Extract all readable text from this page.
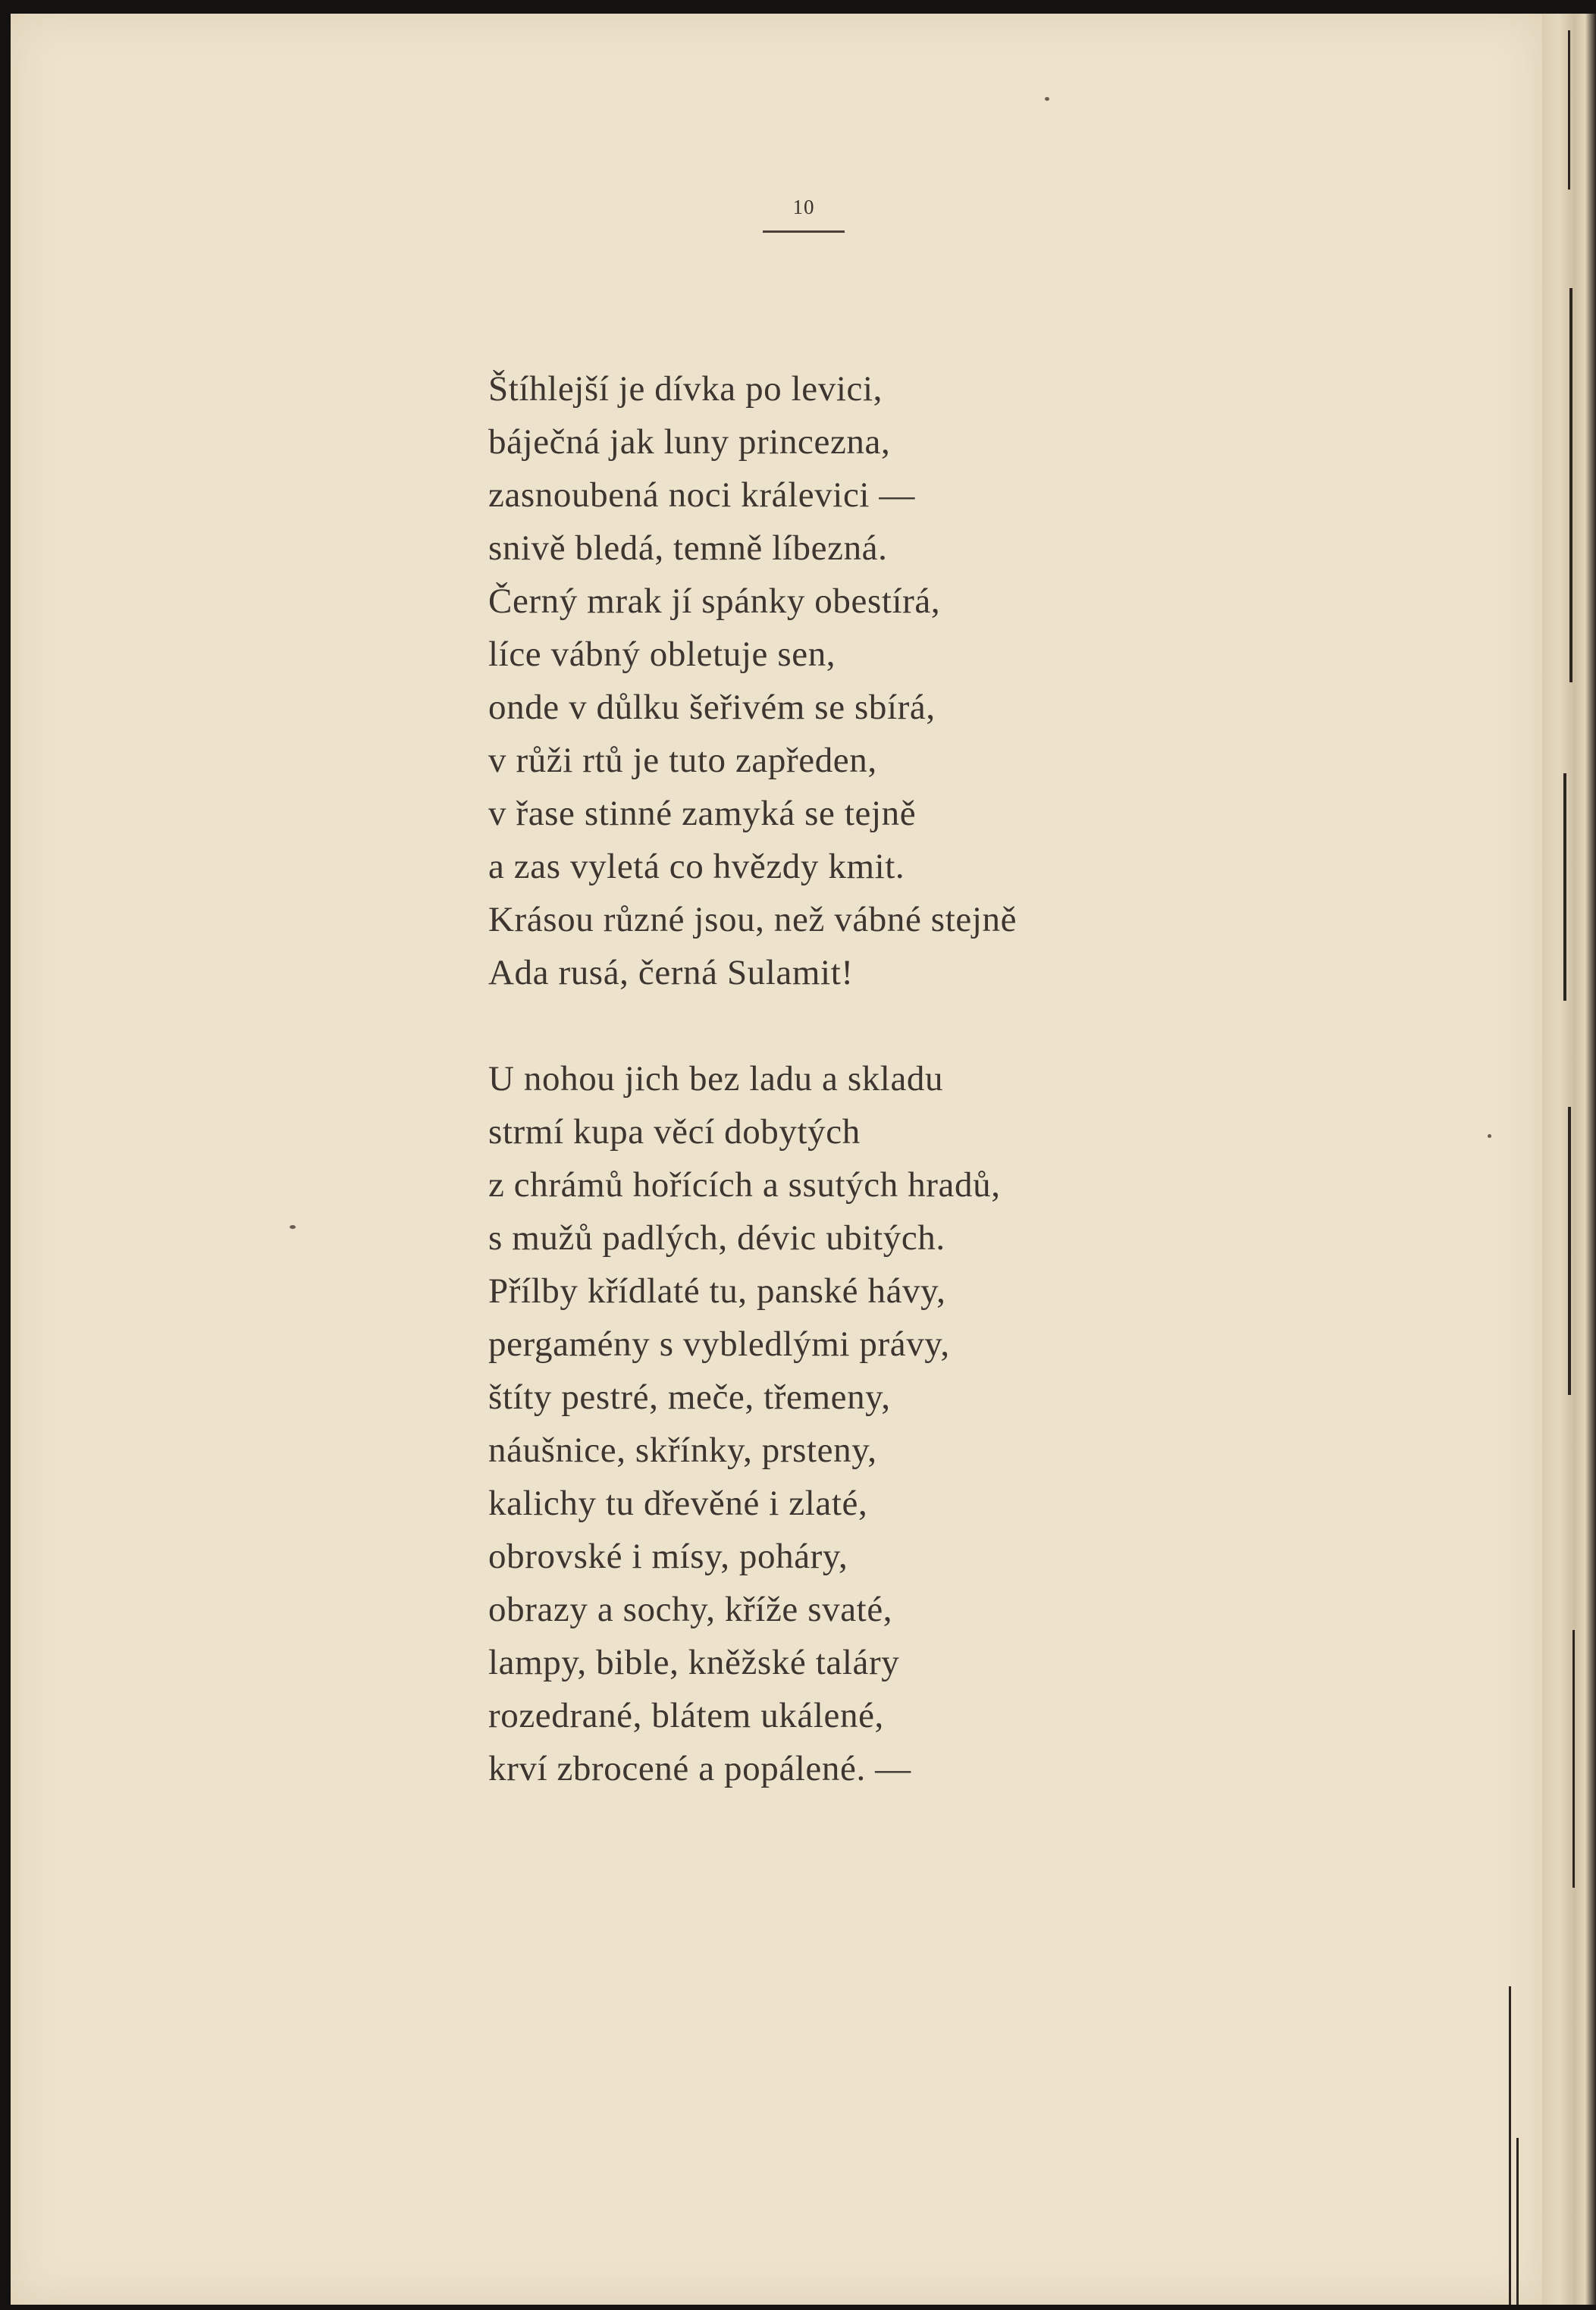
10
Štíhlejší je dívka po levici,
báječná jak luny princezna,
zasnoubená noci králevici —
snivě bledá, temně líbezná.
Černý mrak jí spánky obestírá,
líce vábný obletuje sen,
onde v důlku šeřivém se sbírá,
v růži rtů je tuto zapředen,
v řase stinné zamyká se tejně
a zas vyletá co hvězdy kmit.
Krásou různé jsou, než vábné stejně
Ada rusá, černá Sulamit!
U nohou jich bez ladu a skladu
strmí kupa věcí dobytých
z chrámů hořících a ssutých hradů,
s mužů padlých, dévic ubitých.
Přílby křídlaté tu, panské hávy,
pergamény s vybledlými právy,
štíty pestré, meče, třemeny,
náušnice, skřínky, prsteny,
kalichy tu dřevěné i zlaté,
obrovské i mísy, poháry,
obrazy a sochy, kříže svaté,
lampy, bible, kněžské taláry
rozedrané, blátem ukálené,
krví zbrocené a popálené. —
